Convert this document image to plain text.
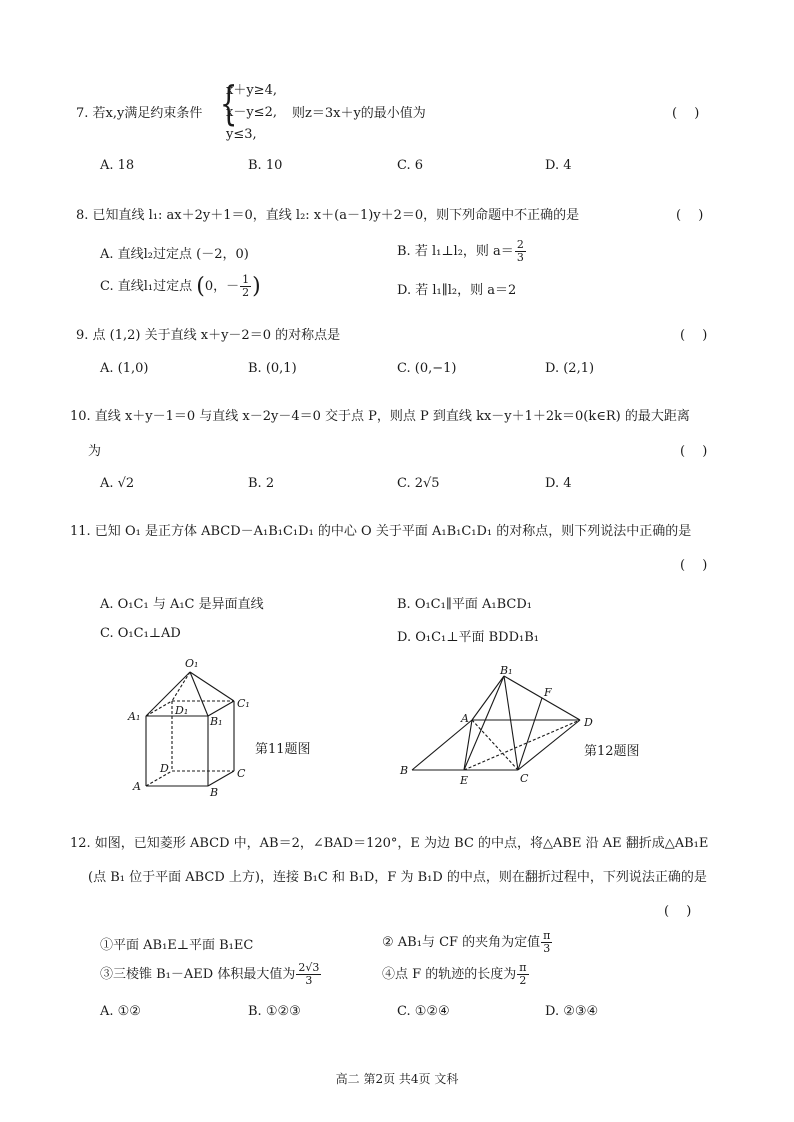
7. 若x,y满足约束条件 {
x＋y≥4,
x－y≤2,
y≤3,
则z＝3x＋y的最小值为	(　 )
A. 18	B. 10	C. 6	D. 4
8. 已知直线 l₁: ax＋2y＋1＝0，直线 l₂: x＋(a－1)y＋2＝0，则下列命题中不正确的是	(　 )
A. 直线l₂过定点 (－2，0)	B. 若 l₁⊥l₂，则 $a= \frac{2}{3}$
C. 直线l₁过定点 (0，－ $\frac{1}{2}$ )	D. 若 l₁∥l₂，则 a＝2
9. 点 (1,2) 关于直线 x＋y－2＝0 的对称点是	(　 )
A. (1,0)	B. (0,1)	C. (0,−1)	D. (2,1)
10. 直线 x＋y－1＝0 与直线 x－2y－4＝0 交于点 P，则点 P 到直线 kx－y＋1＋2k＝0(k∈R) 的最大距离
为	(　 )
A. √2	B. 2	C. 2√5	D. 4
11. 已知 O₁ 是正方体 ABCD－A₁B₁C₁D₁ 的中心 O 关于平面 A₁B₁C₁D₁ 的对称点，则下列说法中正确的是
(　 )
A. O₁C₁ 与 A₁C 是异面直线	B. O₁C₁∥平面 A₁BCD₁
C. O₁C₁⊥AD	D. O₁C₁⊥平面 BDD₁B₁
O₁
A₁	D₁
B₁
C₁
D	C
A	B
第11题图
B₁
F
A	D
B
E	C
第12题图
12. 如图，已知菱形 ABCD 中，AB＝2，∠BAD＝120°，E 为边 BC 的中点，将△ABE 沿 AE 翻折成△AB₁E
(点 B₁ 位于平面 ABCD 上方)，连接 B₁C 和 B₁D，F 为 B₁D 的中点，则在翻折过程中，下列说法正确的是
(　 )
①平面 AB₁E⊥平面 B₁EC	② AB₁与 CF 的夹角为定值 $\frac{\pi}{3}$
③三棱锥 B₁－AED 体积最大值为 $\frac{2√3}{3}$	④点 F 的轨迹的长度为 $\frac{\pi}{2}$
A. ①②	B. ①②③	C. ①②④	D. ②③④
高二 第2页 共4页 文科
